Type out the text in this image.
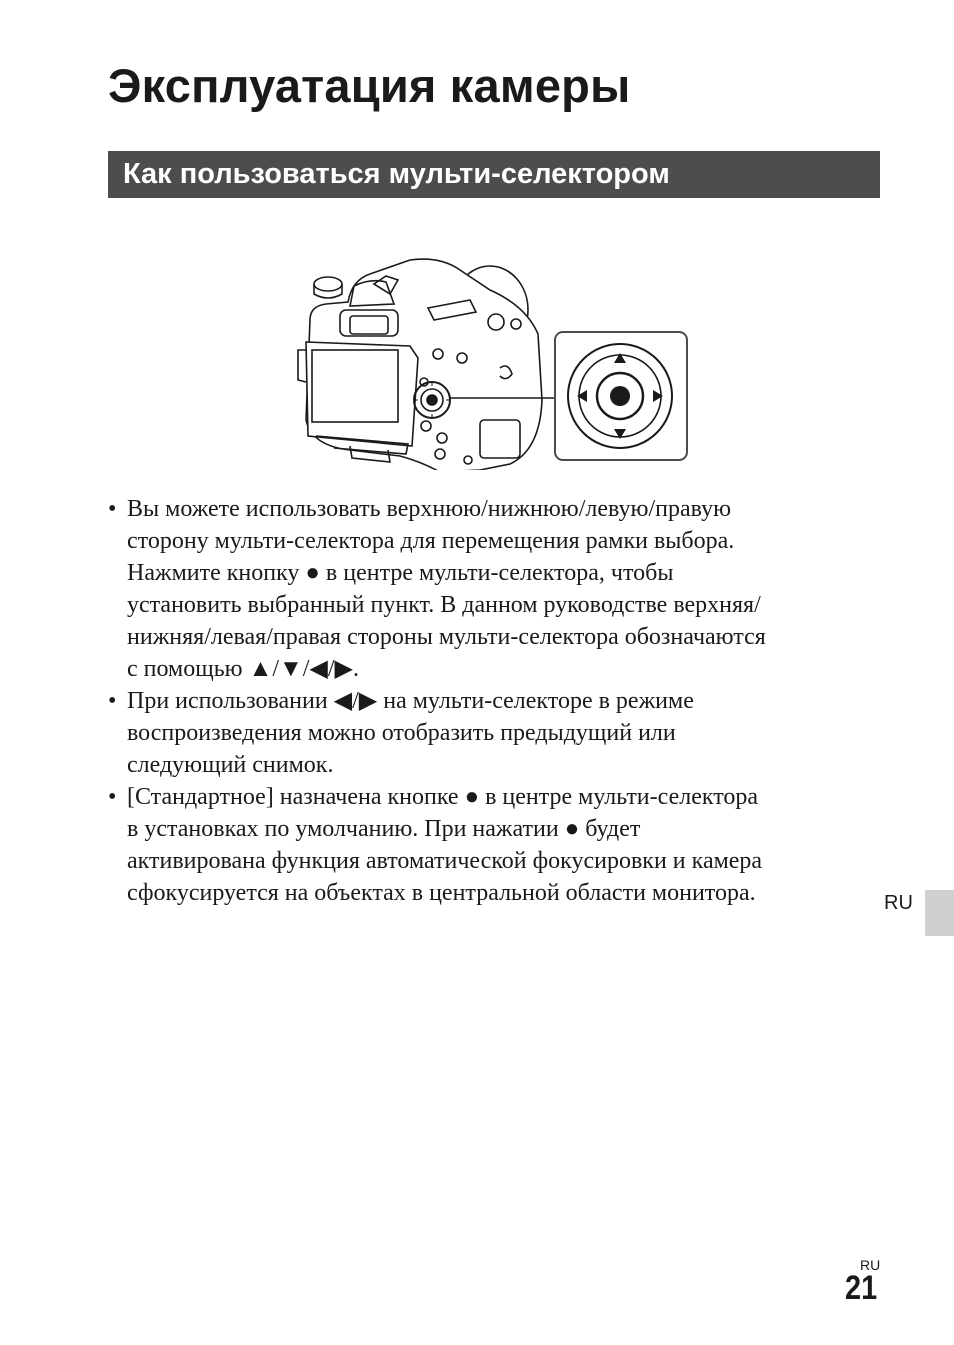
Эксплуатация камеры
Как пользоваться мульти-селектором
• Вы можете использовать верхнюю/нижнюю/левую/правую
сторону мульти-селектора для перемещения рамки выбора.
Нажмите кнопку ● в центре мульти-селектора, чтобы
установить выбранный пункт. В данном руководстве верхняя/
нижняя/левая/правая стороны мульти-селектора обозначаются
с помощью ▲/▼/◀/▶.
• При использовании ◀/▶ на мульти-селекторе в режиме
воспроизведения можно отобразить предыдущий или
следующий снимок.
• [Стандартное] назначена кнопке ● в центре мульти-селектора
в установках по умолчанию. При нажатии ● будет
активирована функция автоматической фокусировки и камера
сфокусируется на объектах в центральной области монитора.	RU
RU
21
